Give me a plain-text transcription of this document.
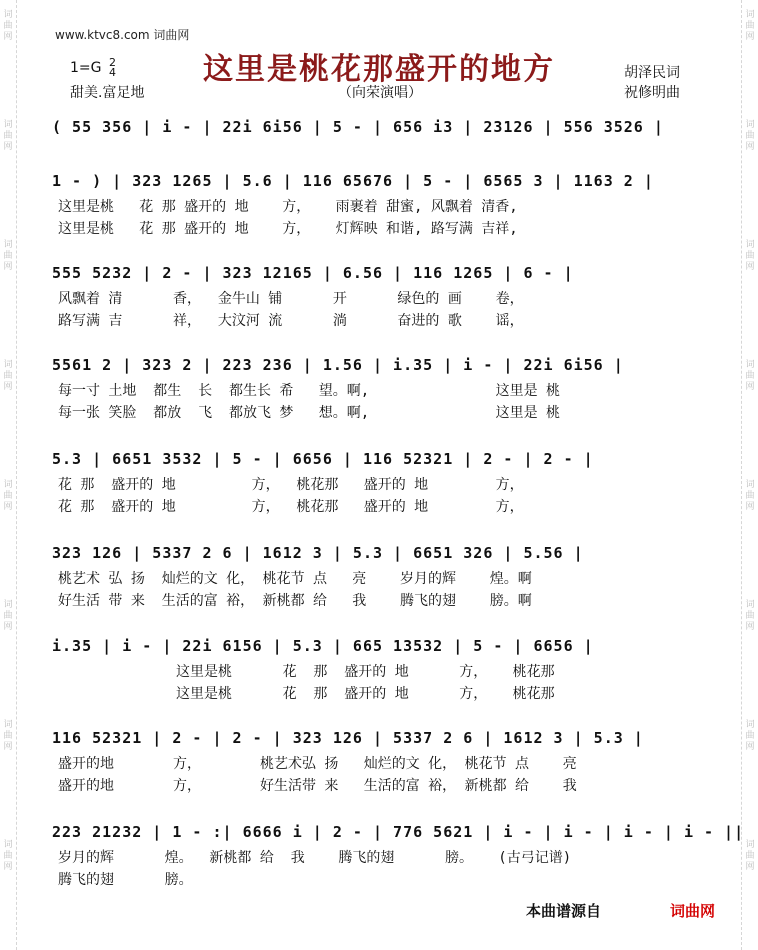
词曲网
词曲网
词曲网
词曲网
词曲网
词曲网
词曲网
词曲网
词曲网
词曲网
词曲网
词曲网
词曲网
词曲网
词曲网
词曲网
www.ktvc8.com 词曲网
这里是桃花那盛开的地方
1=G 2
4
甜美.富足地	（向荣演唱）
胡泽民词
祝修明曲
( 55 356 | i - | 22i 6i56 | 5 - | 656 i3 | 23126 | 556 3526 |
1 - ) | 323 1265 | 5.6 | 116 65676 | 5 - | 6565 3 | 1163 2 |
这里是桃   花 那 盛开的 地    方，   雨裹着 甜蜜, 风飘着 清香,
这里是桃   花 那 盛开的 地    方，   灯辉映 和谐, 路写满 吉祥,
555 5232 | 2 - | 323 12165 | 6.56 | 116 1265 | 6 - |
风飘着 清      香，  金牛山 铺      开      绿色的 画    卷，
路写满 吉      祥，  大汶河 流      淌      奋进的 歌    谣，
5561 2 | 323 2 | 223 236 | 1.56 | i.35 | i - | 22i 6i56 |
每一寸 土地  都生  长  都生长 希   望。啊,               这里是 桃
每一张 笑脸  都放  飞  都放飞 梦   想。啊,               这里是 桃
5.3 | 6651 3532 | 5 - | 6656 | 116 52321 | 2 - | 2 - |
花 那  盛开的 地         方，  桃花那   盛开的 地        方，
花 那  盛开的 地         方，  桃花那   盛开的 地        方，
323 126 | 5337 2 6 | 1612 3 | 5.3 | 6651 326 | 5.56 |
桃艺术 弘 扬  灿烂的文 化， 桃花节 点   亮    岁月的辉    煌。啊
好生活 带 来  生活的富 裕， 新桃都 给   我    腾飞的翅    膀。啊
i.35 | i - | 22i 6156 | 5.3 | 665 13532 | 5 - | 6656 |
这里是桃      花  那  盛开的 地      方，   桃花那
这里是桃      花  那  盛开的 地      方，   桃花那
116 52321 | 2 - | 2 - | 323 126 | 5337 2 6 | 1612 3 | 5.3 |
盛开的地       方，       桃艺术弘 扬   灿烂的文 化， 桃花节 点    亮
盛开的地       方，       好生活带 来   生活的富 裕， 新桃都 给    我
223 21232 | 1 - :| 6666 i | 2 - | 776 5621 | i - | i - | i - | i - ||
岁月的辉      煌。  新桃都 给  我    腾飞的翅      膀。   (古弓记谱)
腾飞的翅      膀。
本曲谱源自	词曲网
